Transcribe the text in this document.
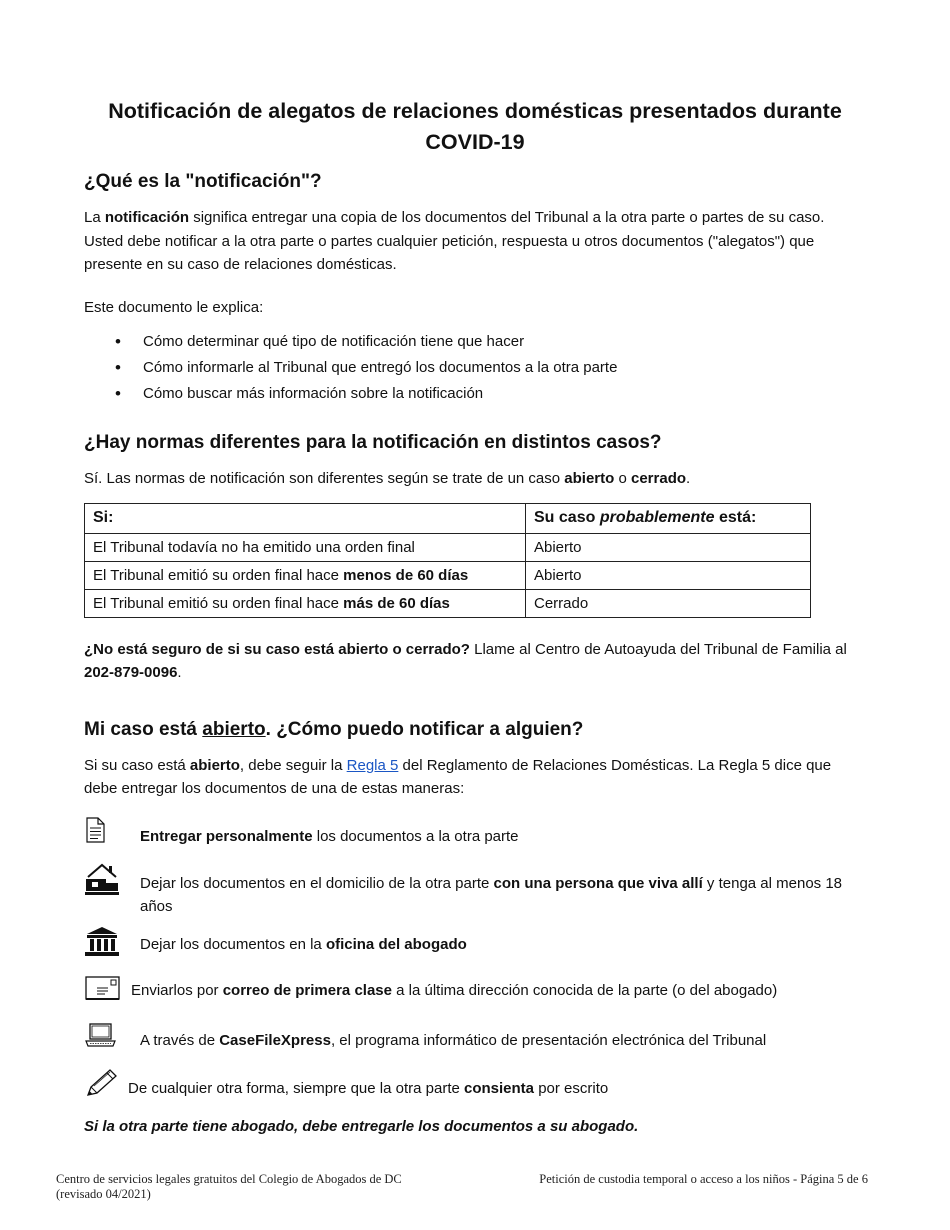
Notificación de alegatos de relaciones domésticas presentados durante COVID-19
¿Qué es la "notificación"?

La notificación significa entregar una copia de los documentos del Tribunal a la otra parte o partes de su caso. Usted debe notificar a la otra parte o partes cualquier petición, respuesta u otros documentos ("alegatos") que presente en su caso de relaciones domésticas.

Este documento le explica:

• Cómo determinar qué tipo de notificación tiene que hacer
• Cómo informarle al Tribunal que entregó los documentos a la otra parte
• Cómo buscar más información sobre la notificación
¿Hay normas diferentes para la notificación en distintos casos?

Sí. Las normas de notificación son diferentes según se trate de un caso abierto o cerrado.

Si:	Su caso probablemente está:
El Tribunal todavía no ha emitido una orden final	Abierto
El Tribunal emitió su orden final hace menos de 60 días	Abierto
El Tribunal emitió su orden final hace más de 60 días	Cerrado

¿No está seguro de si su caso está abierto o cerrado? Llame al Centro de Autoayuda del Tribunal de Familia al 202-879-0096.

Mi caso está abierto. ¿Cómo puedo notificar a alguien?

Si su caso está abierto, debe seguir la Regla 5 del Reglamento de Relaciones Domésticas. La Regla 5 dice que debe entregar los documentos de una de estas maneras:

Entregar personalmente los documentos a la otra parte
Dejar los documentos en el domicilio de la otra parte con una persona que viva allí y tenga al menos 18 años
Dejar los documentos en la oficina del abogado
Enviarlos por correo de primera clase a la última dirección conocida de la parte (o del abogado)
A través de CaseFileXpress, el programa informático de presentación electrónica del Tribunal
De cualquier otra forma, siempre que la otra parte consienta por escrito

Si la otra parte tiene abogado, debe entregarle los documentos a su abogado.

Centro de servicios legales gratuitos del Colegio de Abogados de DC
(revisado 04/2021)
Petición de custodia temporal o acceso a los niños - Página 5 de 6
